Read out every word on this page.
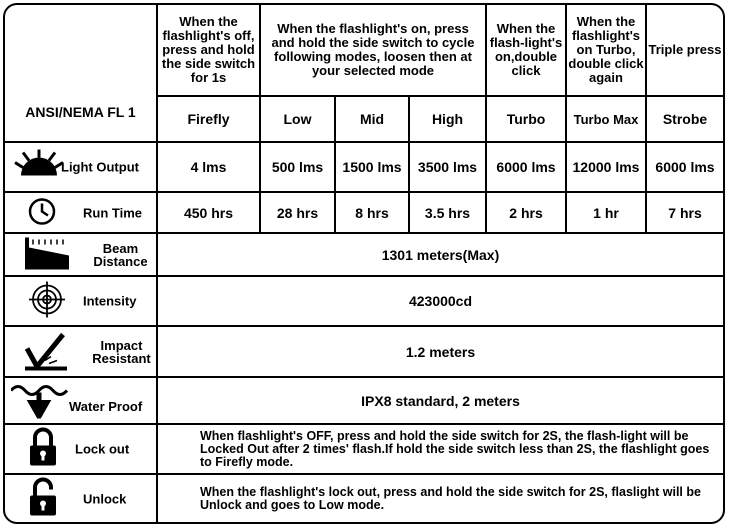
ANSI/NEMA FL 1	When the flashlight's off, press and hold the side switch for 1s	When the flashlight's on, press and hold the side switch to cycle following modes, loosen then at your selected mode			When the flash-light's on,double click	When the flashlight's on Turbo, double click again	Triple press
	Firefly	Low	Mid	High	Turbo	Turbo Max	Strobe

Light Output	4 lms	500 lms	1500 lms	3500 lms	6000 lms	12000 lms	6000 lms

Run Time	450 hrs	28 hrs	8 hrs	3.5 hrs	2 hrs	1 hr	7 hrs

Beam Distance	1301 meters(Max)						

Intensity	423000cd						

Impact Resistant	1.2 meters						

Water Proof	IPX8 standard, 2 meters						

Lock out	When flashlight's OFF, press and hold the side switch for 2S, the flash-light will be Locked Out after 2 times' flash.If hold the side switch less than 2S, the flashlight goes to Firefly mode.						

Unlock	When the flashlight's lock out, press and hold the side switch for 2S, flaslight will be Unlock and goes to Low mode.						
